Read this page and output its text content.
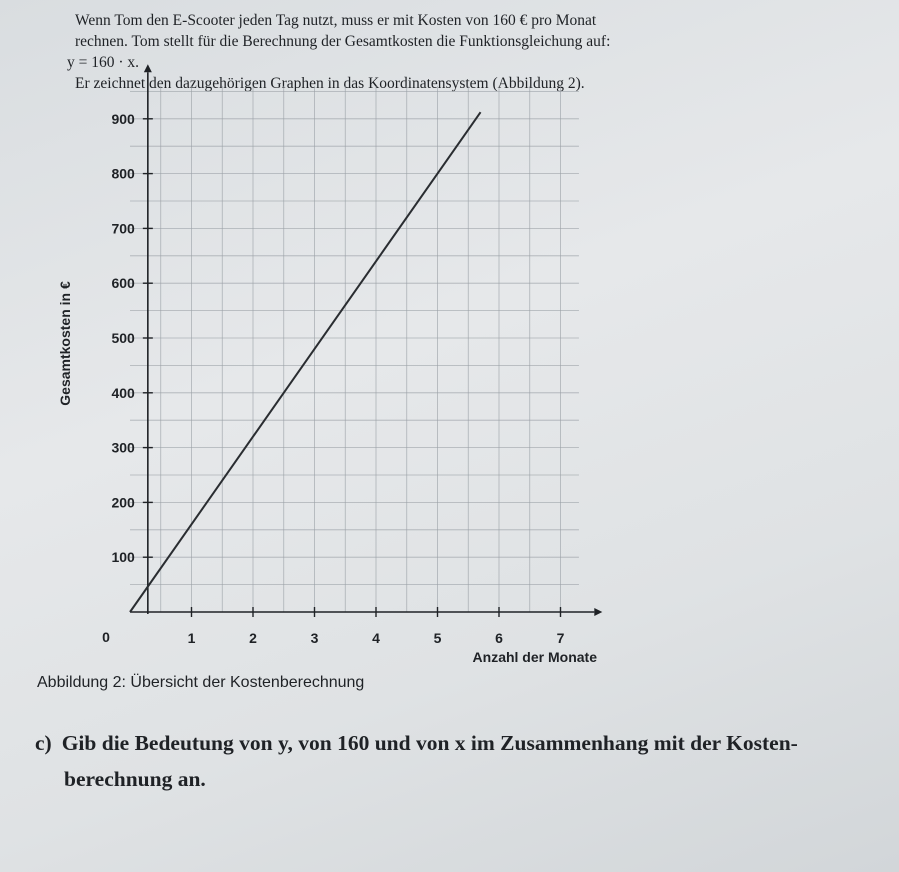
Wenn Tom den E-Scooter jeden Tag nutzt, muss er mit Kosten von 160 € pro Monat

rechnen. Tom stellt für die Berechnung der Gesamtkosten die Funktionsgleichung auf:

y = 160 · x.

Er zeichnet den dazugehörigen Graphen in das Koordinatensystem (Abbildung 2).

1	2	3	4	5	6	7
0
100
200
300
400
500
600
700
800
900
Gesamtkosten in €
Anzahl der Monate
Abbildung 2: Übersicht der Kostenberechnung
c) Gib die Bedeutung von y, von 160 und von x im Zusammenhang mit der Kosten-
berechnung an.
